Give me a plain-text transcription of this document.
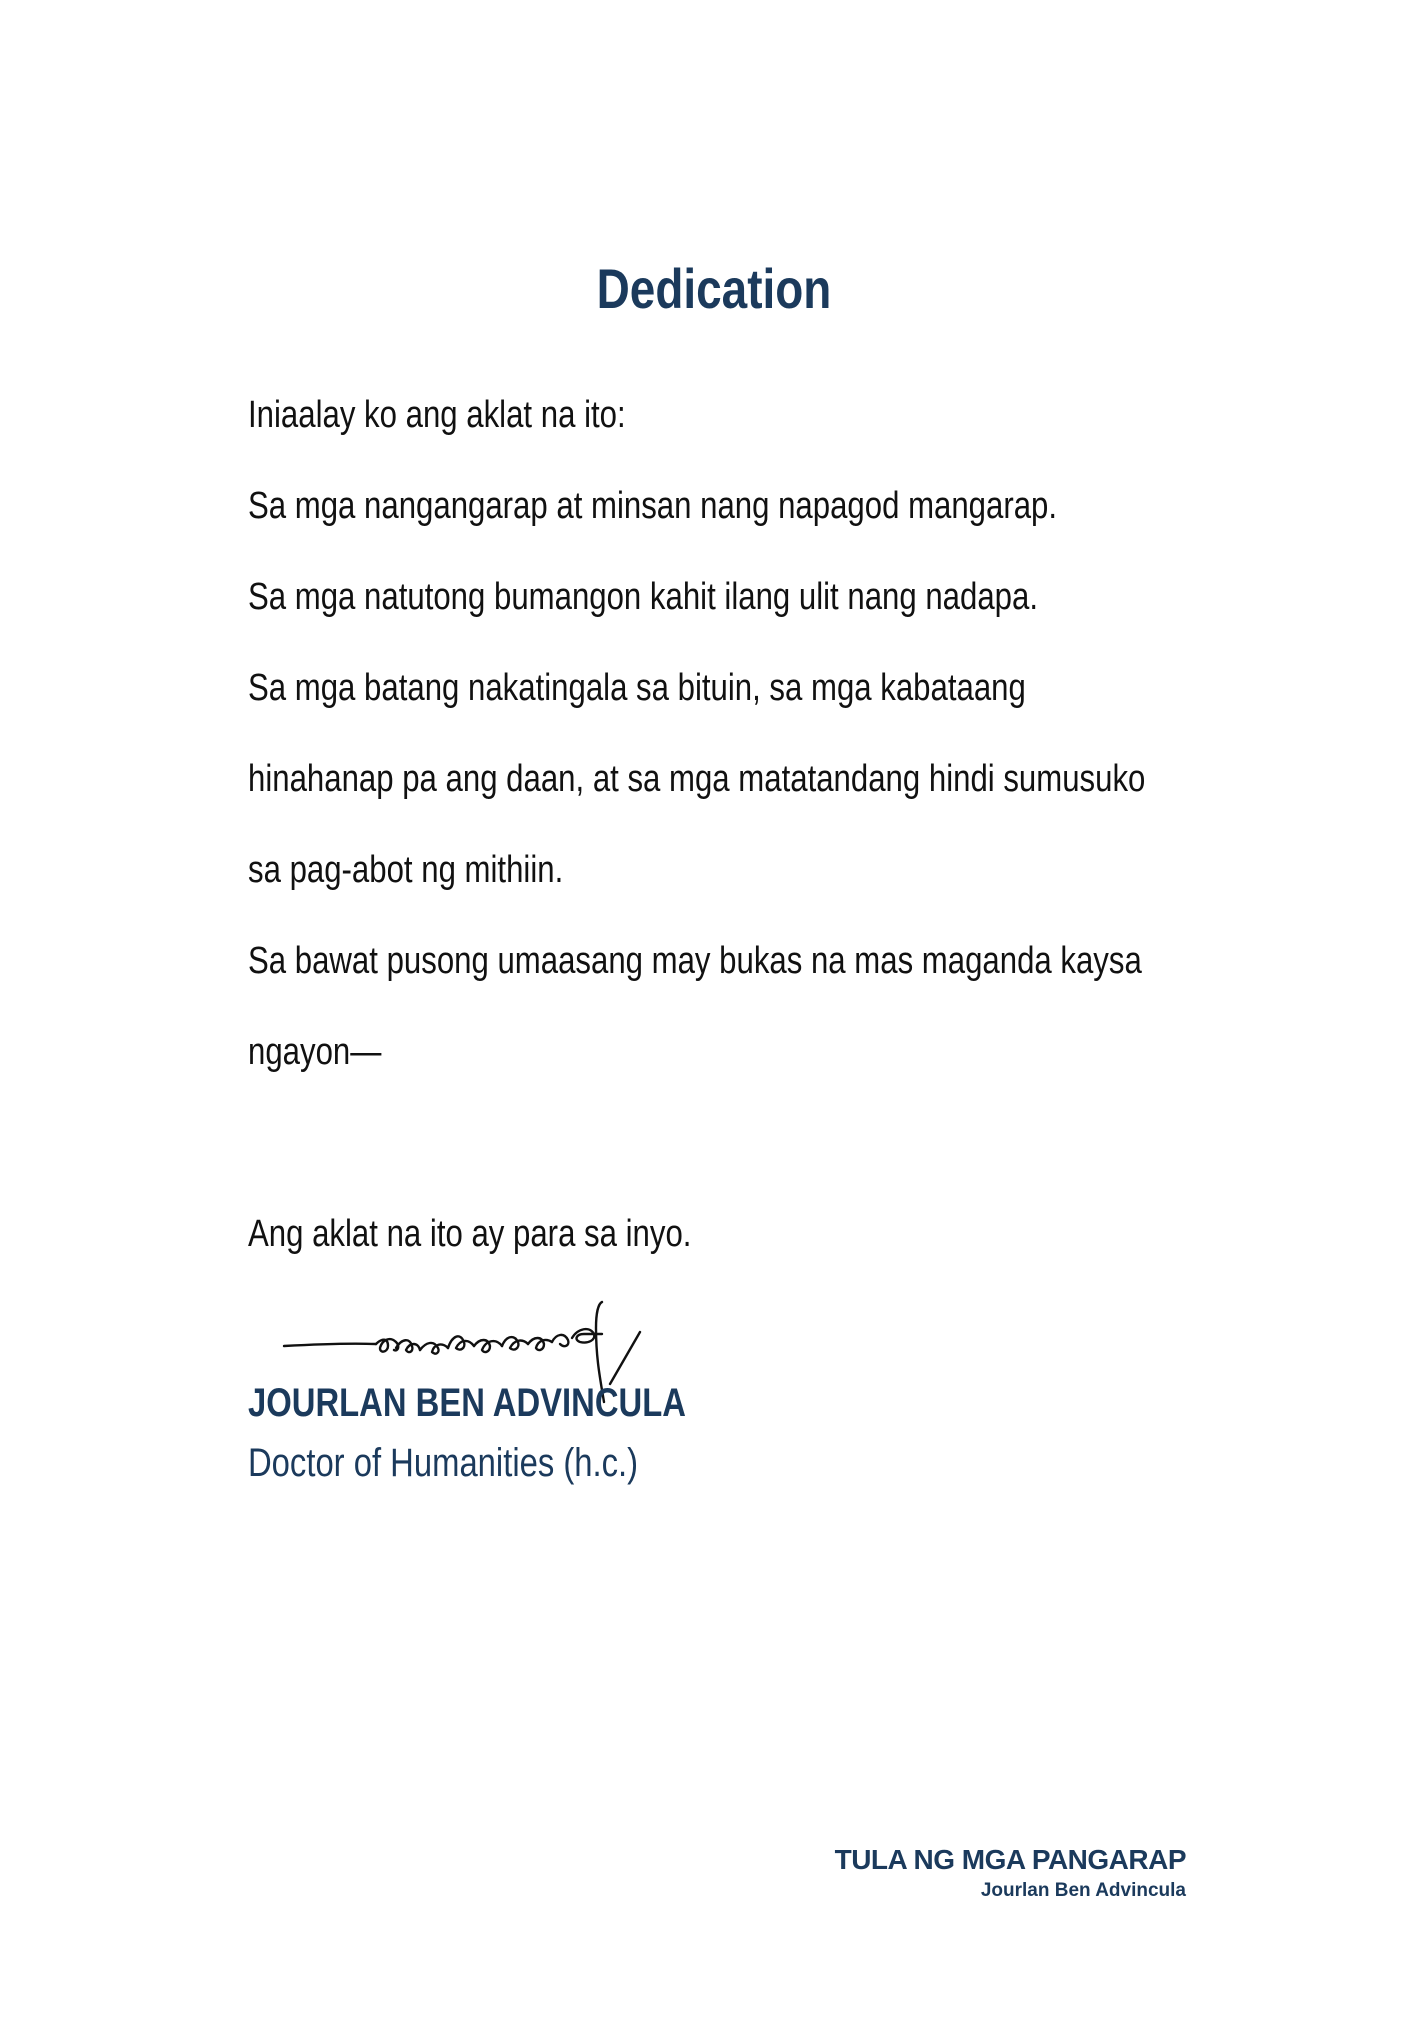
Dedication
Iniaalay ko ang aklat na ito:
Sa mga nangangarap at minsan nang napagod mangarap.
Sa mga natutong bumangon kahit ilang ulit nang nadapa.
Sa mga batang nakatingala sa bituin, sa mga kabataang
hinahanap pa ang daan, at sa mga matatandang hindi sumusuko
sa pag-abot ng mithiin.
Sa bawat pusong umaasang may bukas na mas maganda kaysa
ngayon—
Ang aklat na ito ay para sa inyo.
JOURLAN BEN ADVINCULA
Doctor of Humanities (h.c.)
TULA NG MGA PANGARAP
Jourlan Ben Advincula
